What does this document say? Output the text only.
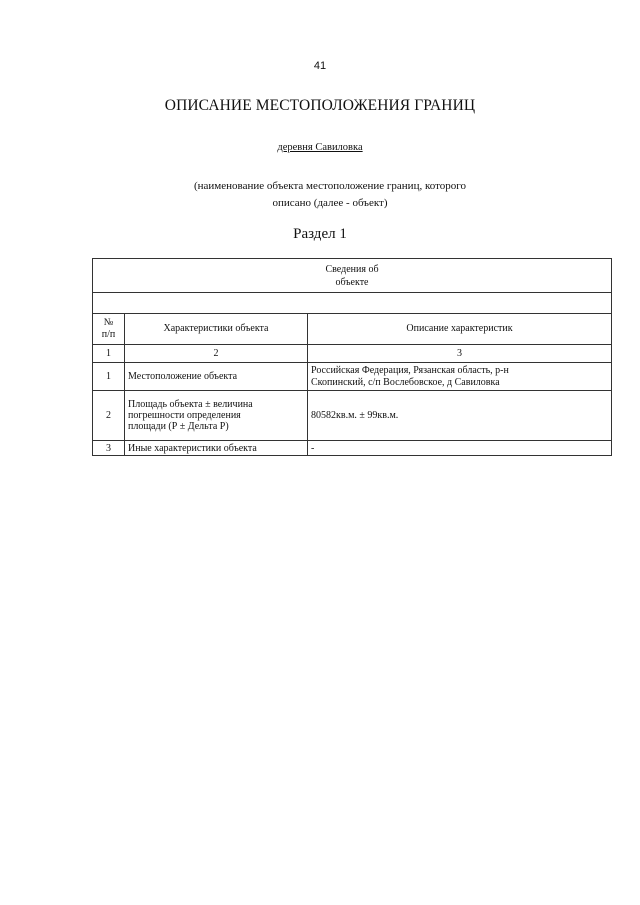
41
ОПИСАНИЕ МЕСТОПОЛОЖЕНИЯ ГРАНИЦ
деревня Савиловка
(наименование объекта местоположение границ, которого
описано (далее - объект)
Раздел 1
Сведения об
объекте		

№
п/п	Характеристики объекта	Описание характеристик
1	2	3
1	Местоположение объекта	Российская Федерация, Рязанская область, р-н
Скопинский, с/п Вослебовское, д Савиловка

2	Площадь объекта ± величина
погрешности определения
площади (Р ± Дельта Р)	80582кв.м. ± 99кв.м.
3	Иные характеристики объекта	-
